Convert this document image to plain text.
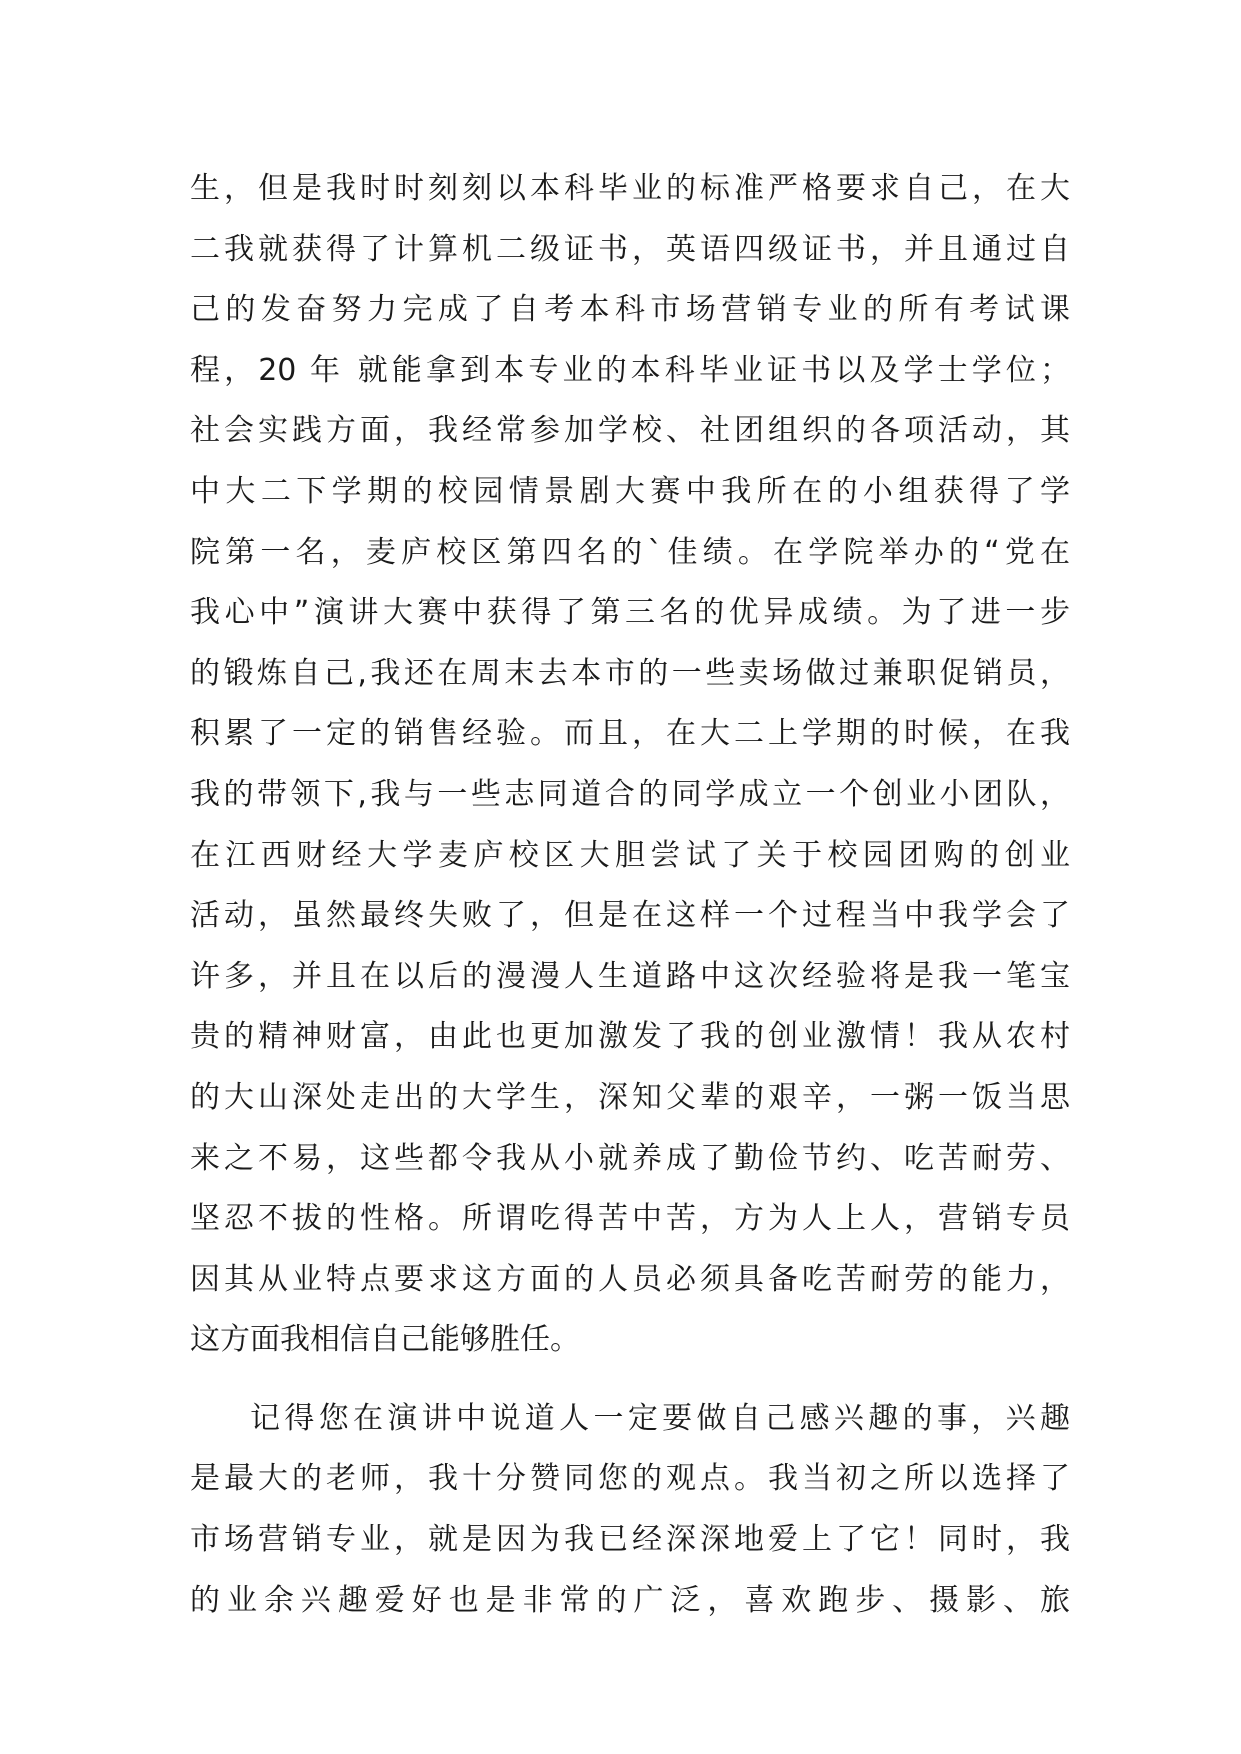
生，但是我时时刻刻以本科毕业的标准严格要求自己，在大
二我就获得了计算机二级证书，英语四级证书，并且通过自
己的发奋努力完成了自考本科市场营销专业的所有考试课
程，20 年 就能拿到本专业的本科毕业证书以及学士学位；
社会实践方面，我经常参加学校、社团组织的各项活动，其
中大二下学期的校园情景剧大赛中我所在的小组获得了学
院第一名，麦庐校区第四名的`佳绩。在学院举办的“党在
我心中”演讲大赛中获得了第三名的优异成绩。为了进一步
的锻炼自己,我还在周末去本市的一些卖场做过兼职促销员，
积累了一定的销售经验。而且，在大二上学期的时候，在我
我的带领下,我与一些志同道合的同学成立一个创业小团队，
在江西财经大学麦庐校区大胆尝试了关于校园团购的创业
活动，虽然最终失败了，但是在这样一个过程当中我学会了
许多，并且在以后的漫漫人生道路中这次经验将是我一笔宝
贵的精神财富，由此也更加激发了我的创业激情！我从农村
的大山深处走出的大学生，深知父辈的艰辛，一粥一饭当思
来之不易，这些都令我从小就养成了勤俭节约、吃苦耐劳、
坚忍不拔的性格。所谓吃得苦中苦，方为人上人，营销专员
因其从业特点要求这方面的人员必须具备吃苦耐劳的能力，
这方面我相信自己能够胜任。
记得您在演讲中说道人一定要做自己感兴趣的事，兴趣
是最大的老师，我十分赞同您的观点。我当初之所以选择了
市场营销专业，就是因为我已经深深地爱上了它！同时，我
的业余兴趣爱好也是非常的广泛，喜欢跑步、摄影、旅
